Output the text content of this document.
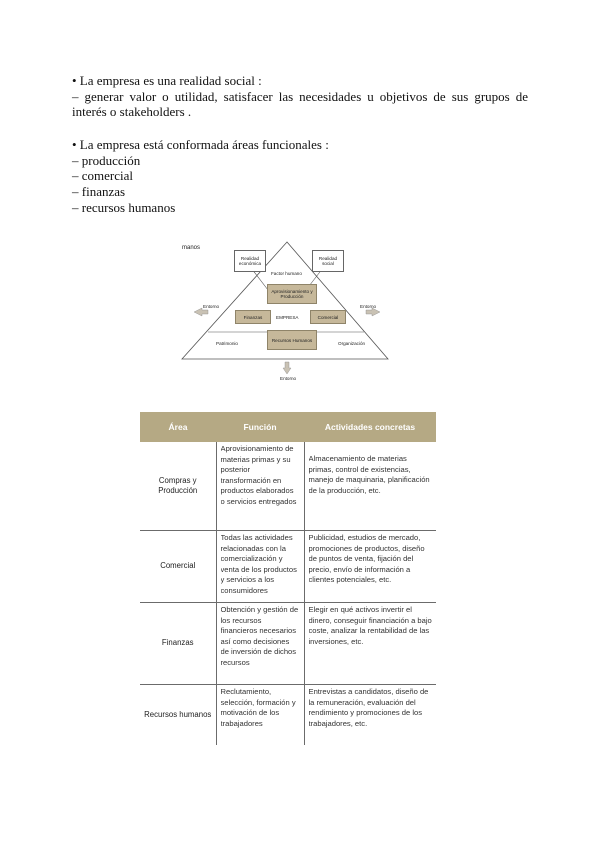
• La empresa es una realidad social :
– generar valor o utilidad, satisfacer las necesidades u objetivos de sus grupos de interés o stakeholders .
• La empresa está conformada áreas funcionales :
– producción
– comercial
– finanzas
– recursos humanos
manos
Realidad económica
Realidad social
Factor humano
Aprovisionamiento y Producción
Finanzas	EMPRESA	Comercial
Recursos Humanos
Entorno	Entorno
Patrimonio	Organización
Entorno
Área	Función	Actividades concretas

Compras y Producción	Aprovisionamiento de materias primas y su posterior transformación en productos elaborados o servicios entregados	Almacenamiento de materias primas, control de existencias, manejo de maquinaria, planificación de la producción, etc.

Comercial	Todas las actividades relacionadas con la comercialización y venta de los productos y servicios a los consumidores	Publicidad, estudios de mercado, promociones de productos, diseño de puntos de venta, fijación del precio, envío de información a clientes potenciales, etc.

Finanzas	Obtención y gestión de los recursos financieros necesarios así como decisiones de inversión de dichos recursos	Elegir en qué activos invertir el dinero, conseguir financiación a bajo coste, analizar la rentabilidad de las inversiones, etc.

Recursos humanos	Reclutamiento, selección, formación y motivación de los trabajadores	Entrevistas a candidatos, diseño de la remuneración, evaluación del rendimiento y promociones de los trabajadores, etc.
